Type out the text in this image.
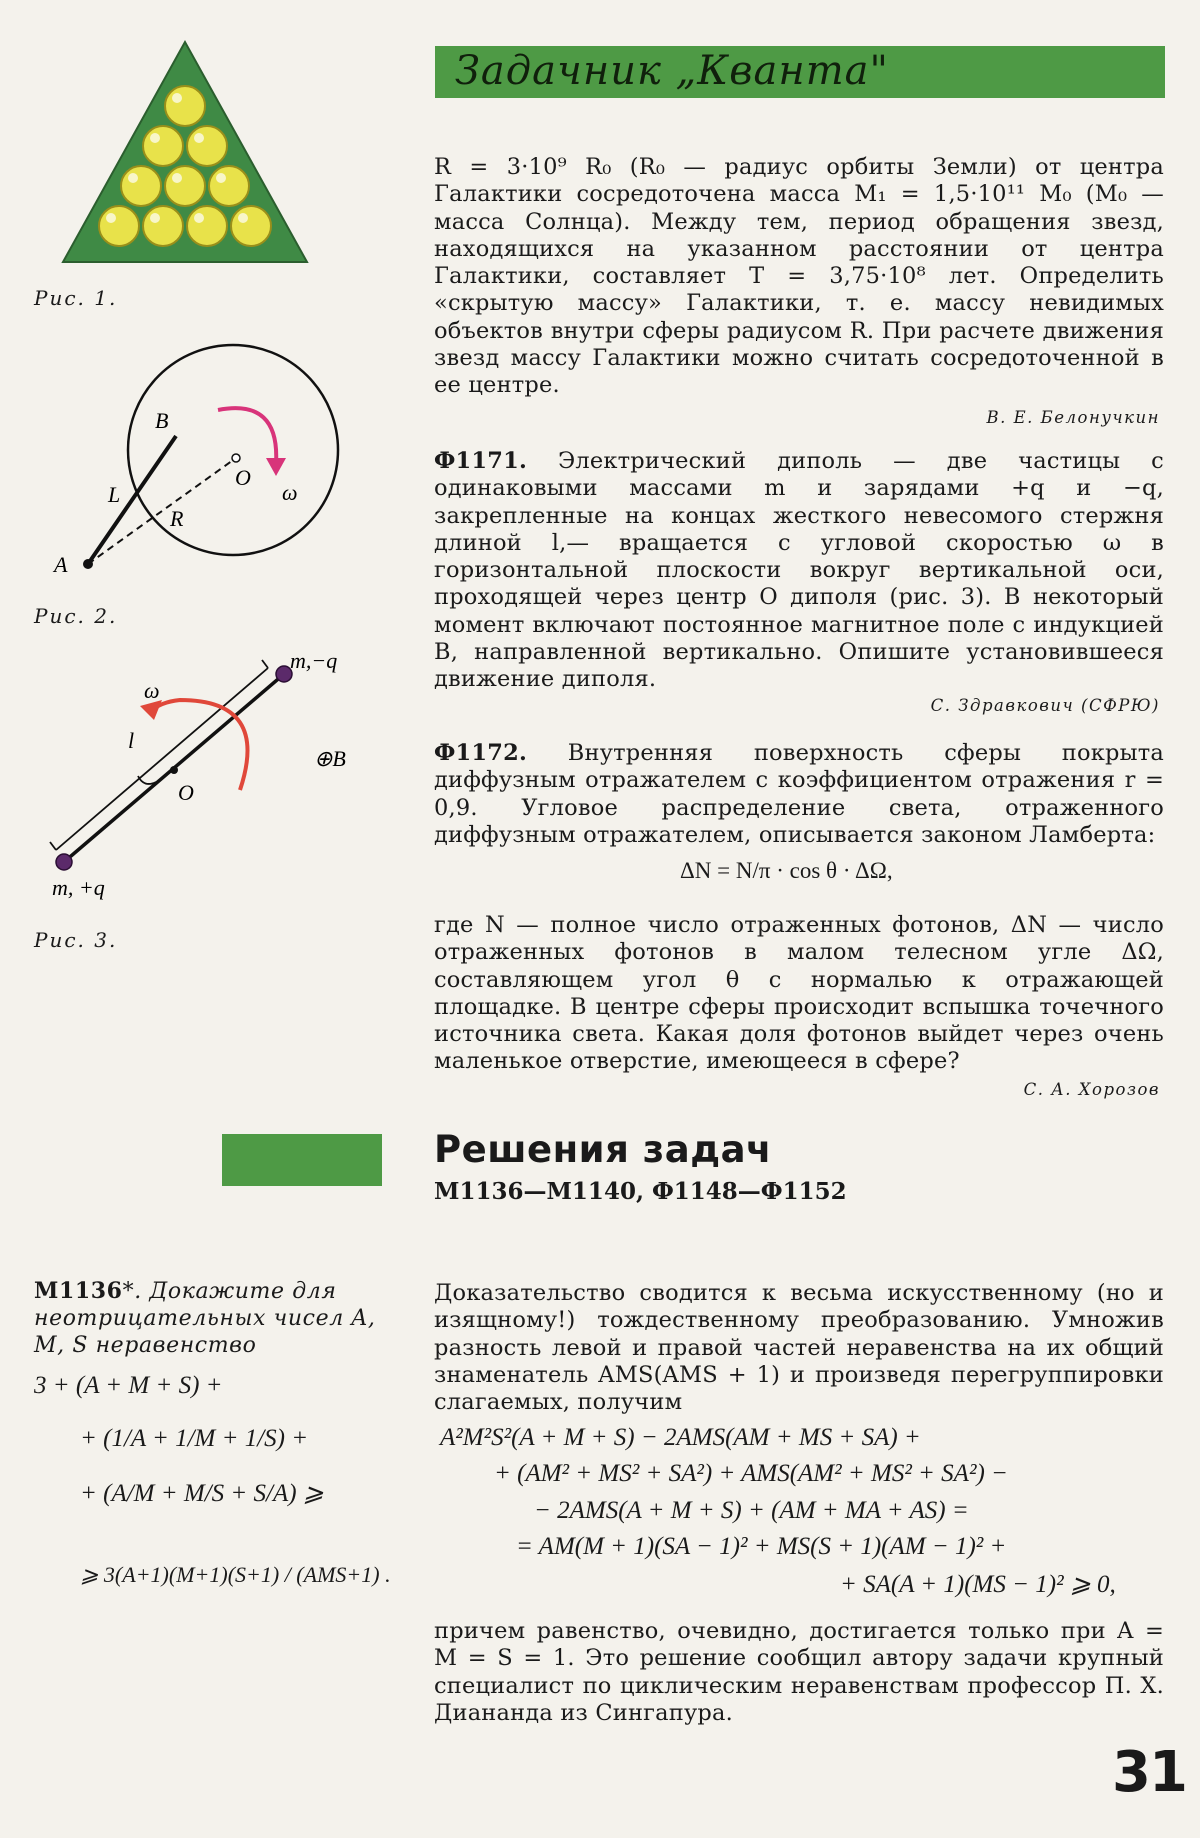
Задачник „Кванта"
Рис. 1.
B
O
L
R
A
ω
Рис. 2.
m,−q
m, +q
ω
l
O
⊕B
Рис. 3.

R = 3·10⁹ R₀ (R₀ — радиус орбиты Земли) от центра Галактики сосредоточена масса M₁ = 1,5·10¹¹ M₀ (M₀ — масса Солнца). Между тем, период обращения звезд, находящихся на указанном расстоянии от центра Галактики, составляет T = 3,75·10⁸ лет. Определить «скрытую массу» Галактики, т. е. массу невидимых объектов внутри сферы радиусом R. При расчете движения звезд массу Галактики можно считать сосредоточенной в ее центре.

В. Е. Белонучкин

Ф1171. Электрический диполь — две частицы с одинаковыми массами m и зарядами +q и −q, закрепленные на концах жесткого невесомого стержня длиной l,— вращается с угловой скоростью ω в горизонтальной плоскости вокруг вертикальной оси, проходящей через центр O диполя (рис. 3). В некоторый момент включают постоянное магнитное поле с индукцией B, направленной вертикально. Опишите установившееся движение диполя.

С. Здравкович (СФРЮ)

Ф1172. Внутренняя поверхность сферы покрыта диффузным отражателем с коэффициентом отражения r = 0,9. Угловое распределение света, отраженного диффузным отражателем, описывается законом Ламберта:

ΔN = N/π · cos θ · ΔΩ,

где N — полное число отраженных фотонов, ΔN — число отраженных фотонов в малом телесном угле ΔΩ, составляющем угол θ с нормалью к отражающей площадке. В центре сферы происходит вспышка точечного источника света. Какая доля фотонов выйдет через очень маленькое отверстие, имеющееся в сфере?

С. А. Хорозов
Решения задач
М1136—М1140, Ф1148—Ф1152
М1136*. Докажите для неотрицательных чисел A, M, S неравенство
3 + (A + M + S) +
+ (1/A + 1/M + 1/S) +
+ (A/M + M/S + S/A) ⩾
⩾ 3(A+1)(M+1)(S+1) / (AMS+1) .

Доказательство сводится к весьма искусственному (но и изящному!) тождественному преобразованию. Умножив разность левой и правой частей неравенства на их общий знаменатель AMS(AMS + 1) и произведя перегруппировки слагаемых, получим

A²M²S²(A + M + S) − 2AMS(AM + MS + SA) +
+ (AM² + MS² + SA²) + AMS(AM² + MS² + SA²) −
− 2AMS(A + M + S) + (AM + MA + AS) =
= AM(M + 1)(SA − 1)² + MS(S + 1)(AM − 1)² +
+ SA(A + 1)(MS − 1)² ⩾ 0,

причем равенство, очевидно, достигается только при A = M = S = 1. Это решение сообщил автору задачи крупный специалист по циклическим неравенствам профессор П. Х. Диананда из Сингапура.

31
